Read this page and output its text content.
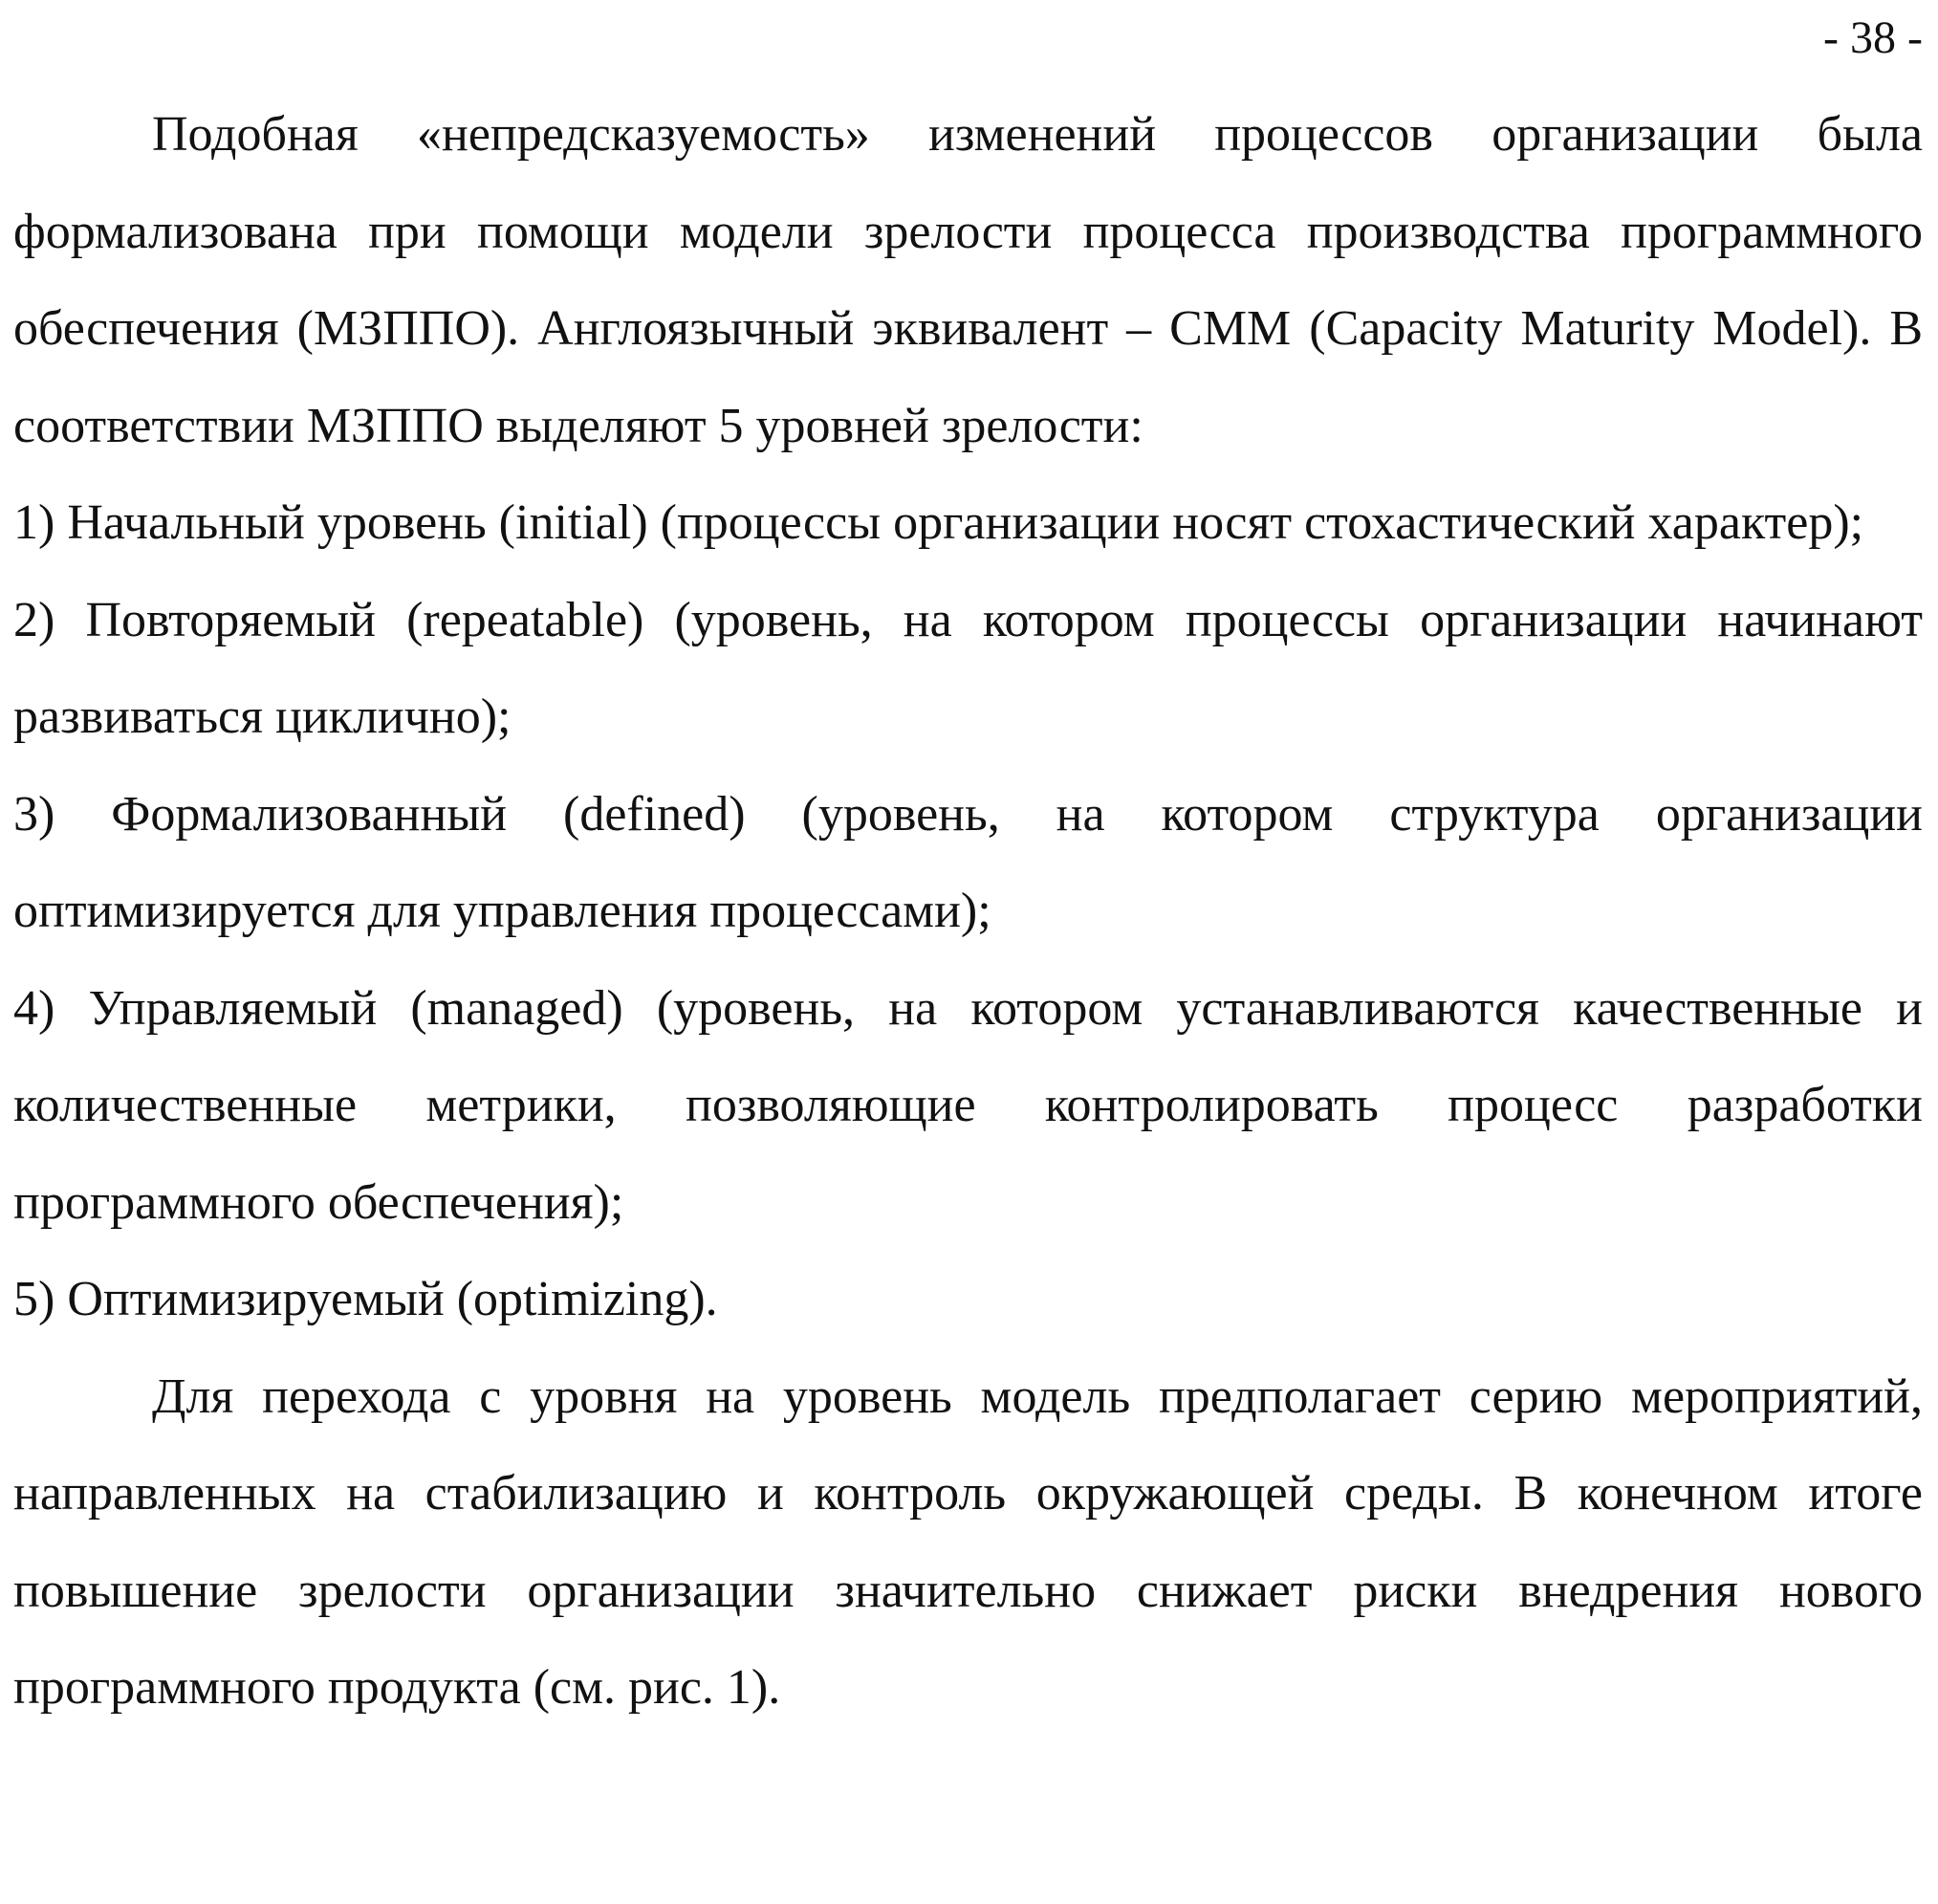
- 38 -

Подобная «непредсказуемость» изменений процессов организации была формализована при помощи модели зрелости процесса производства программного обеспечения (МЗППО). Англоязычный эквивалент – СММ (Capacity Maturity Model). В соответствии МЗППО выделяют 5 уровней зрелости:

1) Начальный уровень (initial) (процессы организации носят стохастический характер);

2) Повторяемый (repeatable) (уровень, на котором процессы организации начинают развиваться циклично);

3) Формализованный (defined) (уровень, на котором структура организации оптимизируется для управления процессами);

4) Управляемый (managed) (уровень, на котором устанавливаются качественные и количественные метрики, позволяющие контролировать процесс разработки программного обеспечения);

5) Оптимизируемый (optimizing).

Для перехода с уровня на уровень модель предполагает серию мероприятий, направленных на стабилизацию и контроль окружающей среды. В конечном итоге повышение зрелости организации значительно снижает риски внедрения нового программного продукта (см. рис. 1).
